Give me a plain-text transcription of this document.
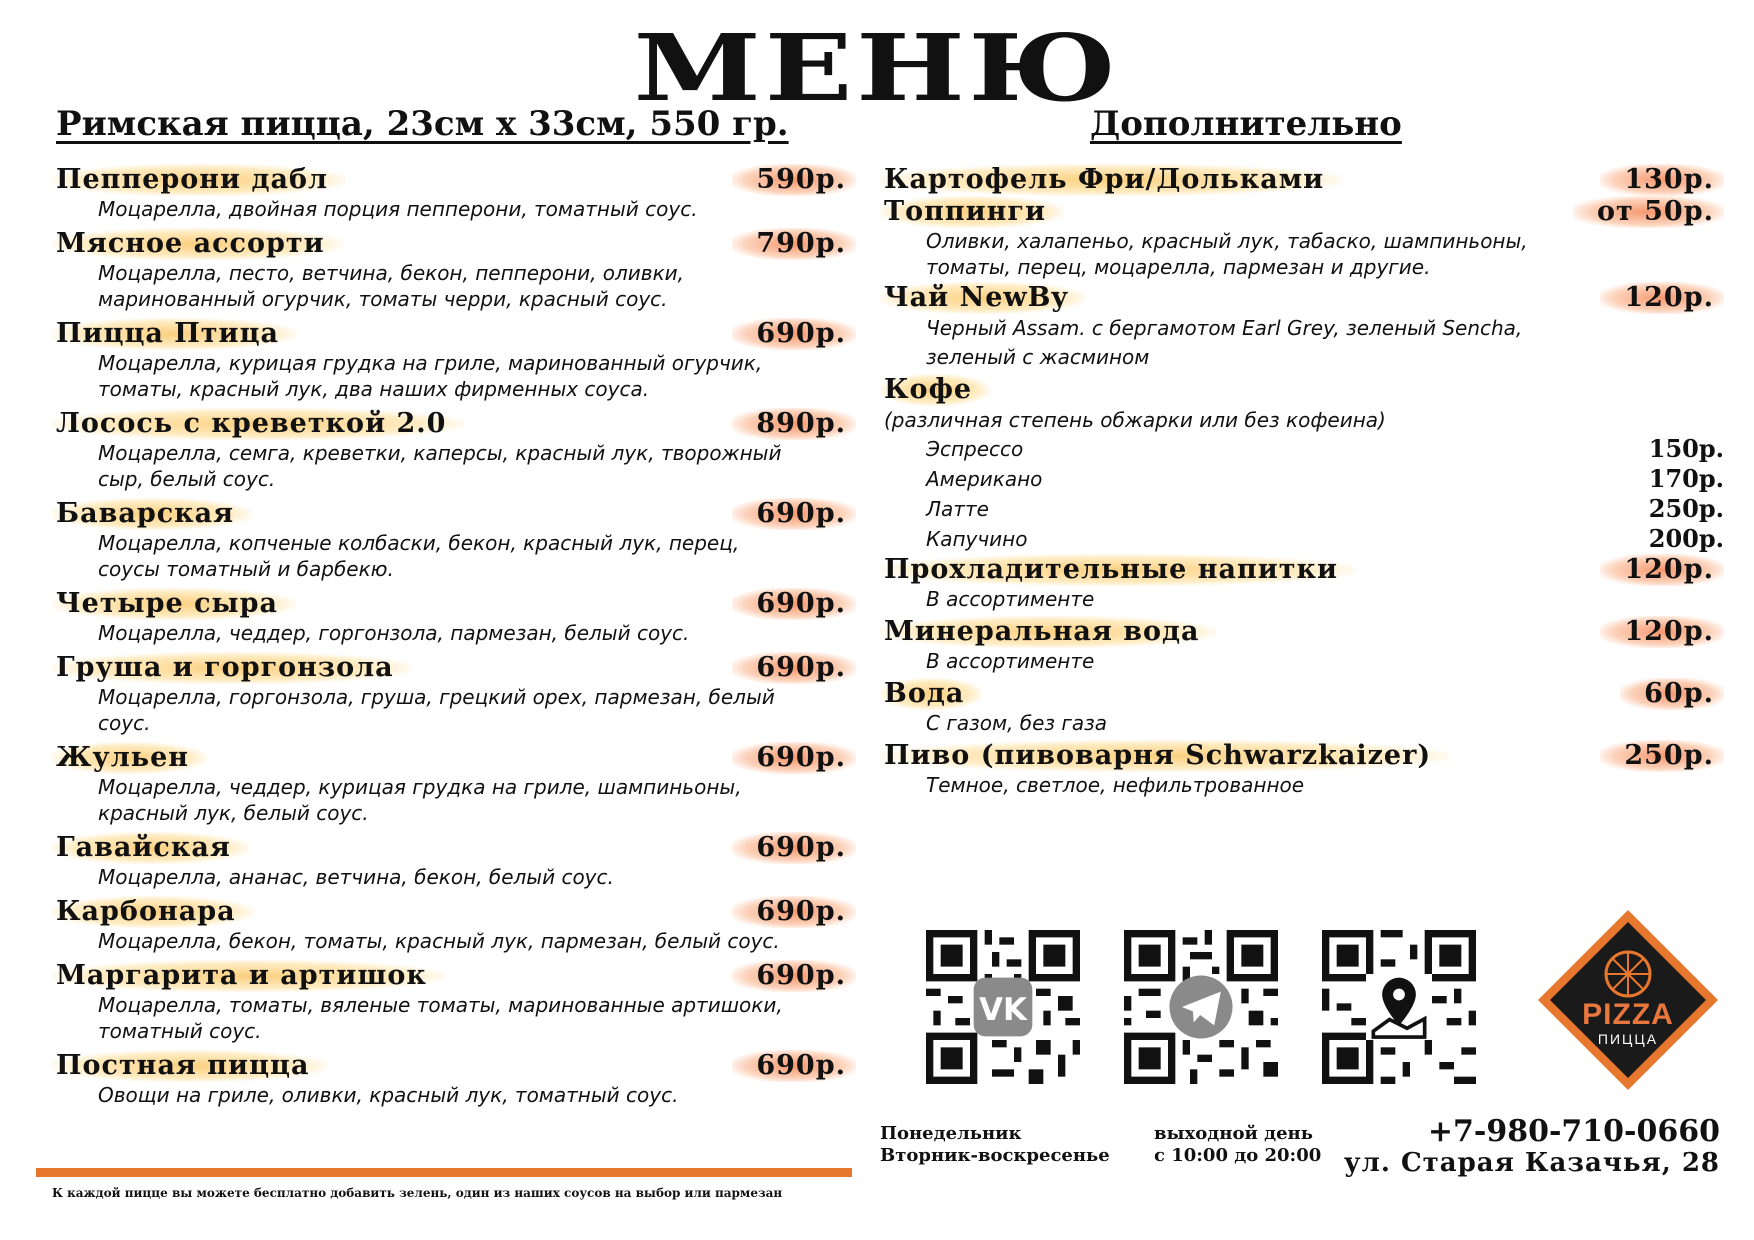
МЕНЮ
Римская пицца, 23см х 33см, 550 гр.	Дополнительно
Пепперони дабл	590р.
Моцарелла, двойная порция пепперони, томатный соус.
Мясное ассорти	790р.
Моцарелла, песто, ветчина, бекон, пепперони, оливки, маринованный огурчик, томаты черри, красный соус.
Пицца Птица	690р.
Моцарелла, курицая грудка на гриле, маринованный огурчик, томаты, красный лук, два наших фирменных соуса.
Лосось с креветкой 2.0	890р.
Моцарелла, семга, креветки, каперсы, красный лук, творожный сыр, белый соус.
Баварская	690р.
Моцарелла, копченые колбаски, бекон, красный лук, перец, соусы томатный и барбекю.
Четыре сыра	690р.
Моцарелла, чеддер, горгонзола, пармезан, белый соус.
Груша и горгонзола	690р.
Моцарелла, горгонзола, груша, грецкий орех, пармезан, белый соус.
Жульен	690р.
Моцарелла, чеддер, курицая грудка на гриле, шампиньоны, красный лук, белый соус.
Гавайская	690р.
Моцарелла, ананас, ветчина, бекон, белый соус.
Карбонара	690р.
Моцарелла, бекон, томаты, красный лук, пармезан, белый соус.
Маргарита и артишок	690р.
Моцарелла, томаты, вяленые томаты, маринованные артишоки, томатный соус.
Постная пицца	690р.
Овощи на гриле, оливки, красный лук, томатный соус.
Картофель Фри/Дольками	130р.
Топпинги	от 50р.
Оливки, халапеньо, красный лук, табаско, шампиньоны, томаты, перец, моцарелла, пармезан и другие.
Чай NewBy	120р.
Черный Assam. с бергамотом Earl Grey, зеленый Sencha, зеленый с жасмином
Кофе
(различная степень обжарки или без кофеина)
Эспрессо	150р.
Американо	170р.
Латте	250р.
Капучино	200р.
Прохладительные напитки	120р.
В ассортименте
Минеральная вода	120р.
В ассортименте
Вода	60р.
С газом, без газа
Пиво (пивоварня Schwarzkaizer)	250р.
Темное, светлое, нефильтрованное
К каждой пицце вы можете бесплатно добавить зелень, один из наших соусов на выбор или пармезан
VK
Понедельник
Вторник-воскресенье
выходной день
с 10:00 до 20:00
+7-980-710-0660
ул. Старая Казачья, 28
PIZZA
ПИЦЦА
